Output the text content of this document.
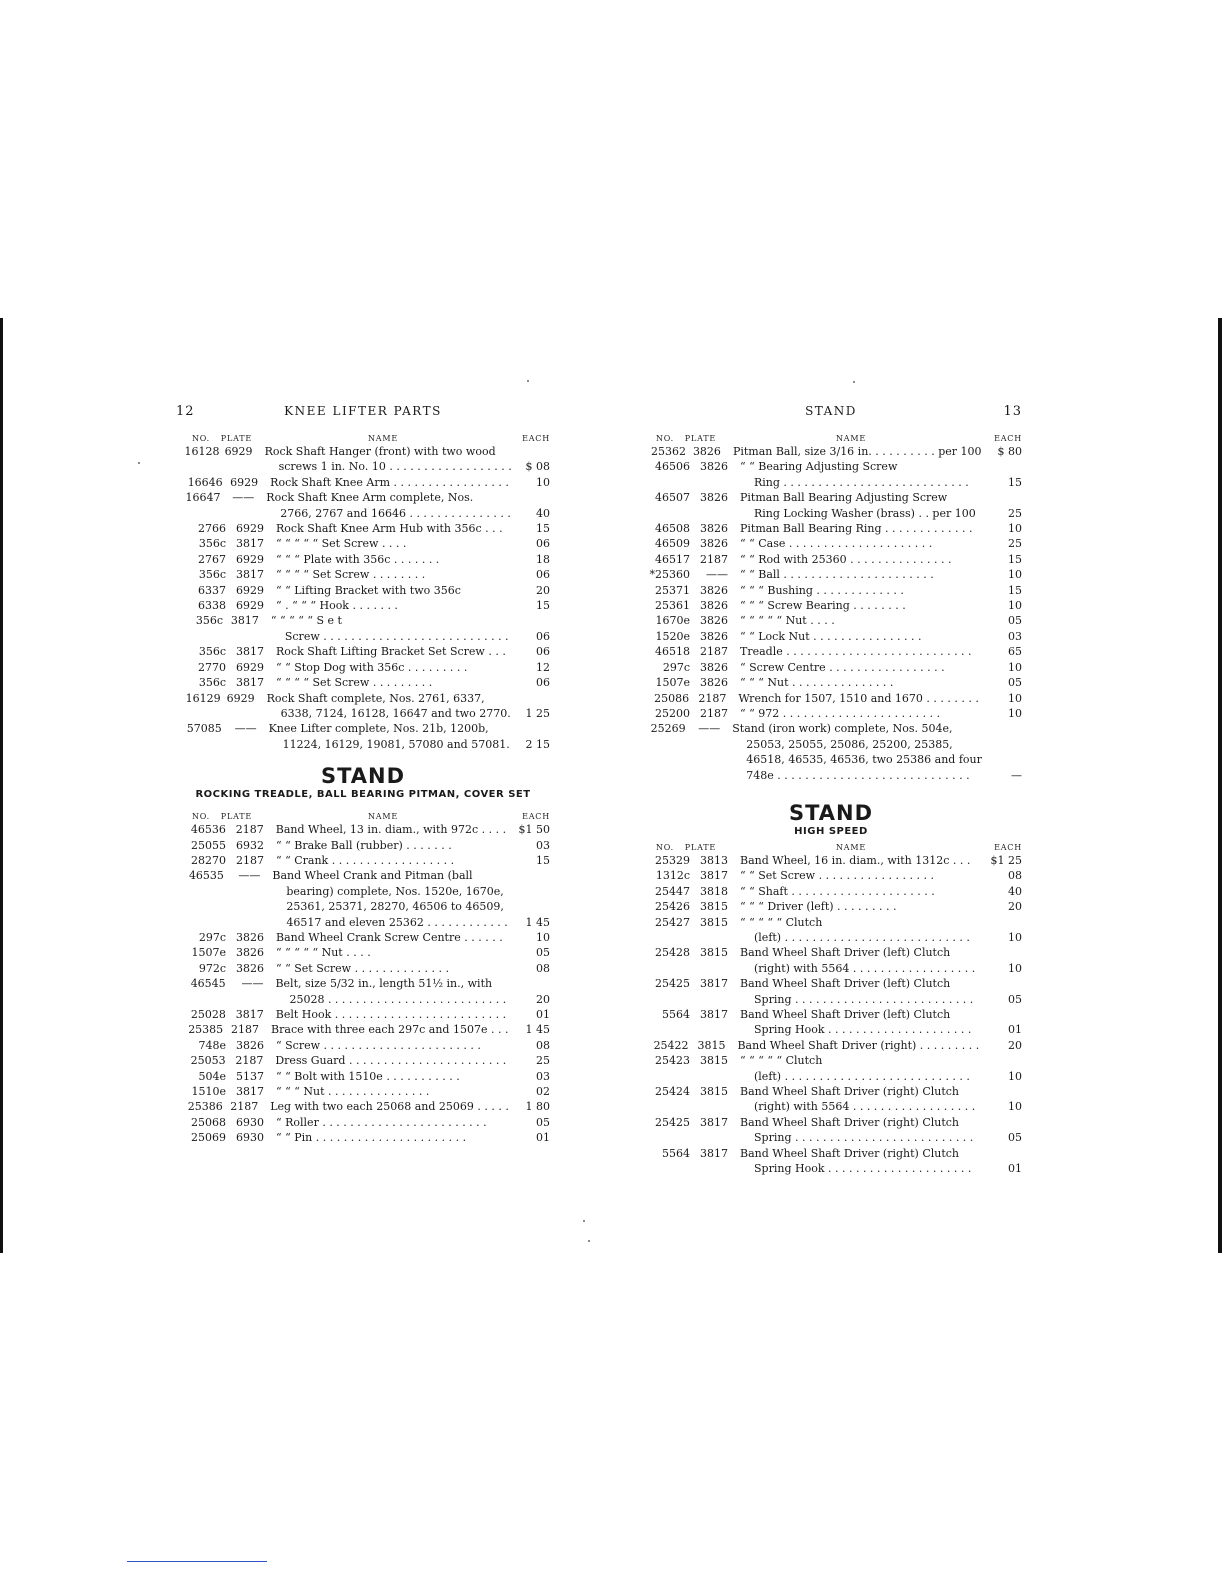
12	KNEE LIFTER PARTS
NO.	PLATE	NAME	EACH
16128 6929	Rock Shaft Hanger (front) with two wood
screws 1 in. No. 10 . . . . . . . . . . . . . . . . . .	$ 08
16646 6929	Rock Shaft Knee Arm . . . . . . . . . . . . . . . . .	10
16647	——	Rock Shaft Knee Arm complete, Nos.
2766, 2767 and 16646 . . . . . . . . . . . . . . .	40
2766 6929	Rock Shaft Knee Arm Hub with 356c . . .	15
356c 3817	“ “ “ “ “ Set Screw . . . .	06
2767 6929	“ “ “ Plate with 356c . . . . . . .	18
356c 3817	“ “ “ “ Set Screw . . . . . . . .	06
6337 6929	“ “ Lifting Bracket with two 356c	20
6338 6929	“ . “ “ “ Hook . . . . . . .	15
356c 3817	“ “ “ “ “ S e t
Screw . . . . . . . . . . . . . . . . . . . . . . . . . . .	06
356c 3817	Rock Shaft Lifting Bracket Set Screw . . .	06
2770 6929	“ “ Stop Dog with 356c . . . . . . . . .	12
356c 3817	“ “ “ “ Set Screw . . . . . . . . .	06
16129 6929	Rock Shaft complete, Nos. 2761, 6337,
6338, 7124, 16128, 16647 and two 2770.	1 25
57085	——	Knee Lifter complete, Nos. 21b, 1200b,
11224, 16129, 19081, 57080 and 57081.	2 15
STAND
ROCKING TREADLE, BALL BEARING PITMAN, COVER SET
NO.	PLATE	NAME	EACH
46536 2187	Band Wheel, 13 in. diam., with 972c . . . .	$1 50
25055 6932	“ “ Brake Ball (rubber) . . . . . . .	03
28270 2187	“ “ Crank . . . . . . . . . . . . . . . . . .	15
46535	——	Band Wheel Crank and Pitman (ball
bearing) complete, Nos. 1520e, 1670e,
25361, 25371, 28270, 46506 to 46509,
46517 and eleven 25362 . . . . . . . . . . . .	1 45
297c 3826	Band Wheel Crank Screw Centre . . . . . .	10
1507e 3826	“ “ “ “ “ Nut . . . .	05
972c 3826	“ “ Set Screw . . . . . . . . . . . . . .	08
46545	——	Belt, size 5/32 in., length 51½ in., with
25028 . . . . . . . . . . . . . . . . . . . . . . . . . .	20
25028 3817	Belt Hook . . . . . . . . . . . . . . . . . . . . . . . . .	01
25385 2187	Brace with three each 297c and 1507e . . .	1 45
748e 3826	“ Screw . . . . . . . . . . . . . . . . . . . . . . .	08
25053 2187	Dress Guard . . . . . . . . . . . . . . . . . . . . . . .	25
504e 5137	“ “ Bolt with 1510e . . . . . . . . . . .	03
1510e 3817	“ “ “ Nut . . . . . . . . . . . . . . .	02
25386 2187	Leg with two each 25068 and 25069 . . . . .	1 80
25068 6930	“ Roller . . . . . . . . . . . . . . . . . . . . . . . .	05
25069 6930	“ “ Pin . . . . . . . . . . . . . . . . . . . . . .	01
STAND	13
NO.	PLATE	NAME	EACH
25362 3826	Pitman Ball, size 3/16 in. . . . . . . . . . per 100	$ 80
46506 3826	“ “ Bearing Adjusting Screw
Ring . . . . . . . . . . . . . . . . . . . . . . . . . . .	15
46507 3826	Pitman Ball Bearing Adjusting Screw
Ring Locking Washer (brass) . . per 100	25
46508 3826	Pitman Ball Bearing Ring . . . . . . . . . . . . .	10
46509 3826	“ “ Case . . . . . . . . . . . . . . . . . . . . .	25
46517 2187	“ “ Rod with 25360 . . . . . . . . . . . . . . .	15
*25360	——	“ “ Ball . . . . . . . . . . . . . . . . . . . . . .	10
25371 3826	“ “ “ Bushing . . . . . . . . . . . . .	15
25361 3826	“ “ “ Screw Bearing . . . . . . . .	10
1670e 3826	“ “ “ “ “ Nut . . . .	05
1520e 3826	“ “ Lock Nut . . . . . . . . . . . . . . . .	03
46518 2187	Treadle . . . . . . . . . . . . . . . . . . . . . . . . . . .	65
297c 3826	“ Screw Centre . . . . . . . . . . . . . . . . .	10
1507e 3826	“ “ “ Nut . . . . . . . . . . . . . . .	05
25086 2187	Wrench for 1507, 1510 and 1670 . . . . . . . .	10
25200 2187	“ “ 972 . . . . . . . . . . . . . . . . . . . . . . .	10
25269	——	Stand (iron work) complete, Nos. 504e,
25053, 25055, 25086, 25200, 25385,
46518, 46535, 46536, two 25386 and four
748e . . . . . . . . . . . . . . . . . . . . . . . . . . . .	—
STAND
HIGH SPEED
NO.	PLATE	NAME	EACH
25329 3813	Band Wheel, 16 in. diam., with 1312c . . .	$1 25
1312c 3817	“ “ Set Screw . . . . . . . . . . . . . . . . .	08
25447 3818	“ “ Shaft . . . . . . . . . . . . . . . . . . . . .	40
25426 3815	“ “ “ Driver (left) . . . . . . . . .	20
25427 3815	“ “ “ “ “ Clutch
(left) . . . . . . . . . . . . . . . . . . . . . . . . . . .	10
25428 3815	Band Wheel Shaft Driver (left) Clutch
(right) with 5564 . . . . . . . . . . . . . . . . . .	10
25425 3817	Band Wheel Shaft Driver (left) Clutch
Spring . . . . . . . . . . . . . . . . . . . . . . . . . .	05
5564 3817	Band Wheel Shaft Driver (left) Clutch
Spring Hook . . . . . . . . . . . . . . . . . . . . .	01
25422 3815	Band Wheel Shaft Driver (right) . . . . . . . . .	20
25423 3815	“ “ “ “ “ Clutch
(left) . . . . . . . . . . . . . . . . . . . . . . . . . . .	10
25424 3815	Band Wheel Shaft Driver (right) Clutch
(right) with 5564 . . . . . . . . . . . . . . . . . .	10
25425 3817	Band Wheel Shaft Driver (right) Clutch
Spring . . . . . . . . . . . . . . . . . . . . . . . . . .	05
5564 3817	Band Wheel Shaft Driver (right) Clutch
Spring Hook . . . . . . . . . . . . . . . . . . . . .	01
